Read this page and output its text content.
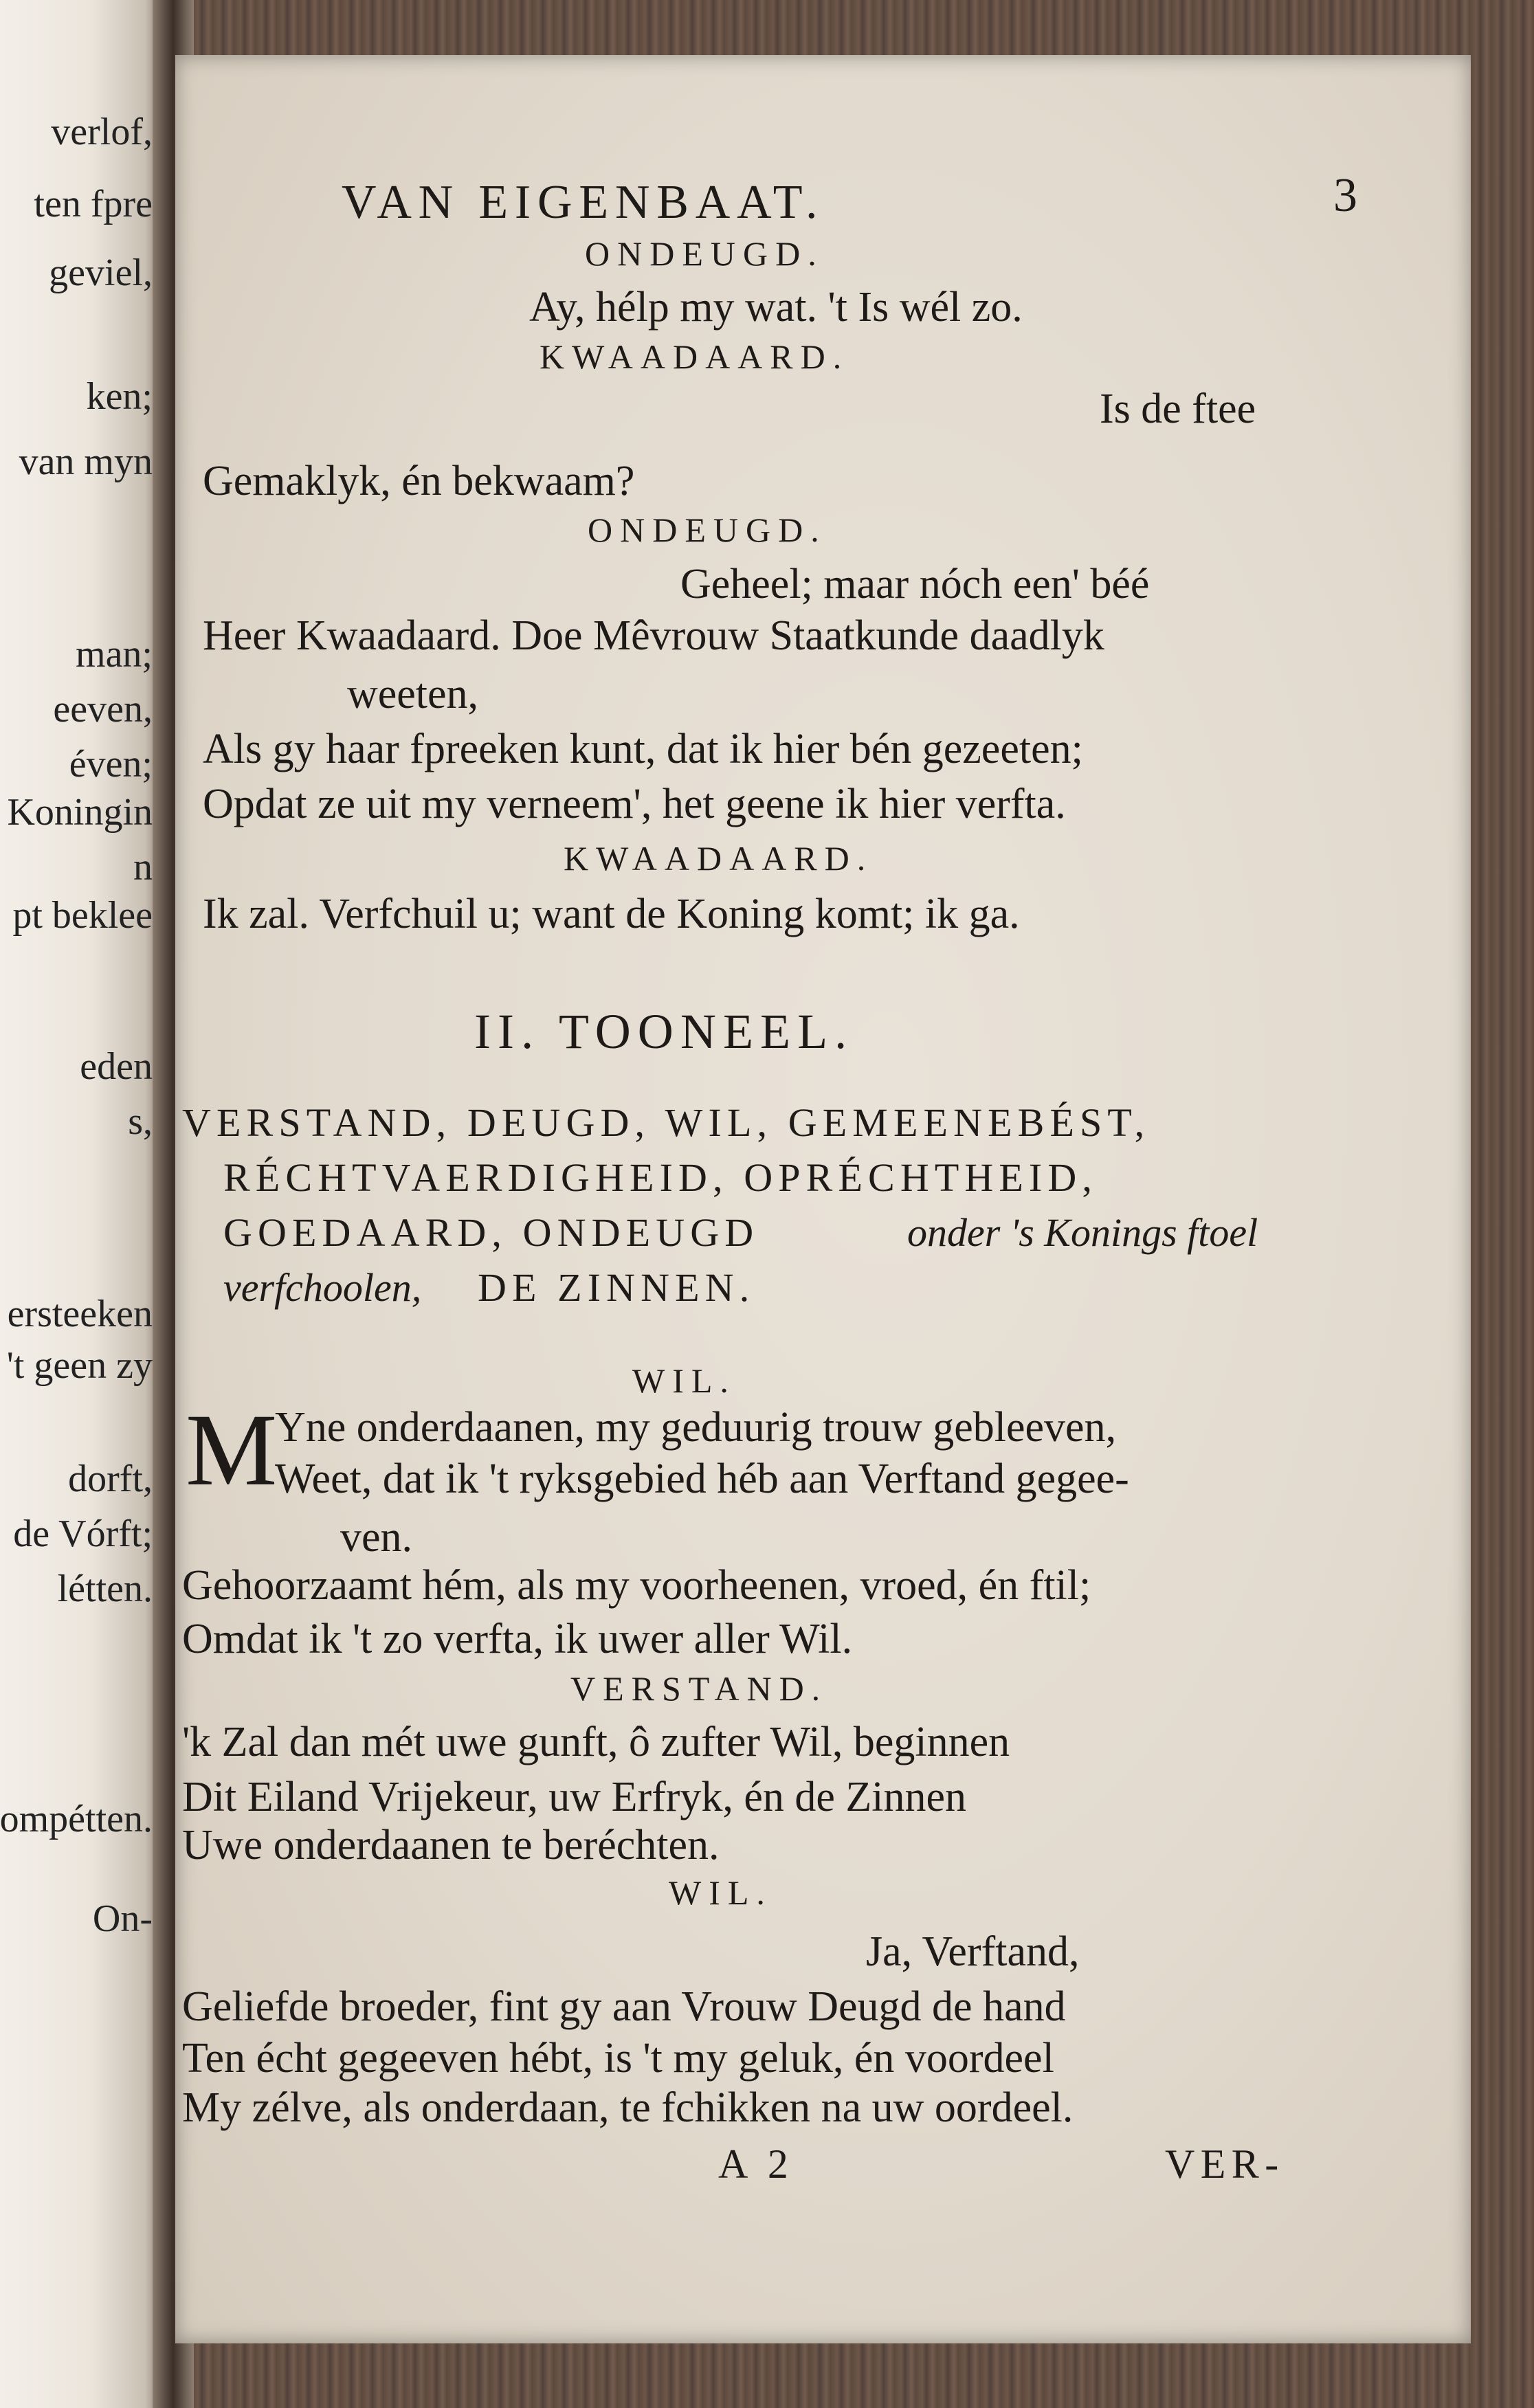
verlof,
ten fpre
geviel,
ken;
van myn
man;
eeven,
éven;
Koningin
n
pt beklee
eden
s,
ersteeken
't geen zy
dorft,
de Vórft;
létten.
ompétten.
On-
VAN EIGENBAAT.	3
ONDEUGD.
Ay, hélp my wat. 't Is wél zo.
KWAADAARD.
Is de ftee
Gemaklyk, én bekwaam?
ONDEUGD.
Geheel; maar nóch een' béé
Heer Kwaadaard. Doe Mêvrouw Staatkunde daadlyk
weeten,
Als gy haar fpreeken kunt, dat ik hier bén gezeeten;
Opdat ze uit my verneem', het geene ik hier verfta.
KWAADAARD.
Ik zal. Verfchuil u; want de Koning komt; ik ga.
II. TOONEEL.
VERSTAND, DEUGD, WIL, GEMEENEBÉST,
RÉCHTVAERDIGHEID, OPRÉCHTHEID,
GOEDAARD, ONDEUGD	onder 's Konings ftoel
verfchoolen, DE ZINNEN.
WIL.
M
Yne onderdaanen, my geduurig trouw gebleeven,
Weet, dat ik 't ryksgebied héb aan Verftand gegee-
ven.
Gehoorzaamt hém, als my voorheenen, vroed, én ftil;
Omdat ik 't zo verfta, ik uwer aller Wil.
VERSTAND.
'k Zal dan mét uwe gunft, ô zufter Wil, beginnen
Dit Eiland Vrijekeur, uw Erfryk, én de Zinnen
Uwe onderdaanen te beréchten.
WIL.
Ja, Verftand,
Geliefde broeder, fint gy aan Vrouw Deugd de hand
Ten écht gegeeven hébt, is 't my geluk, én voordeel
My zélve, als onderdaan, te fchikken na uw oordeel.
A 2	VER-
